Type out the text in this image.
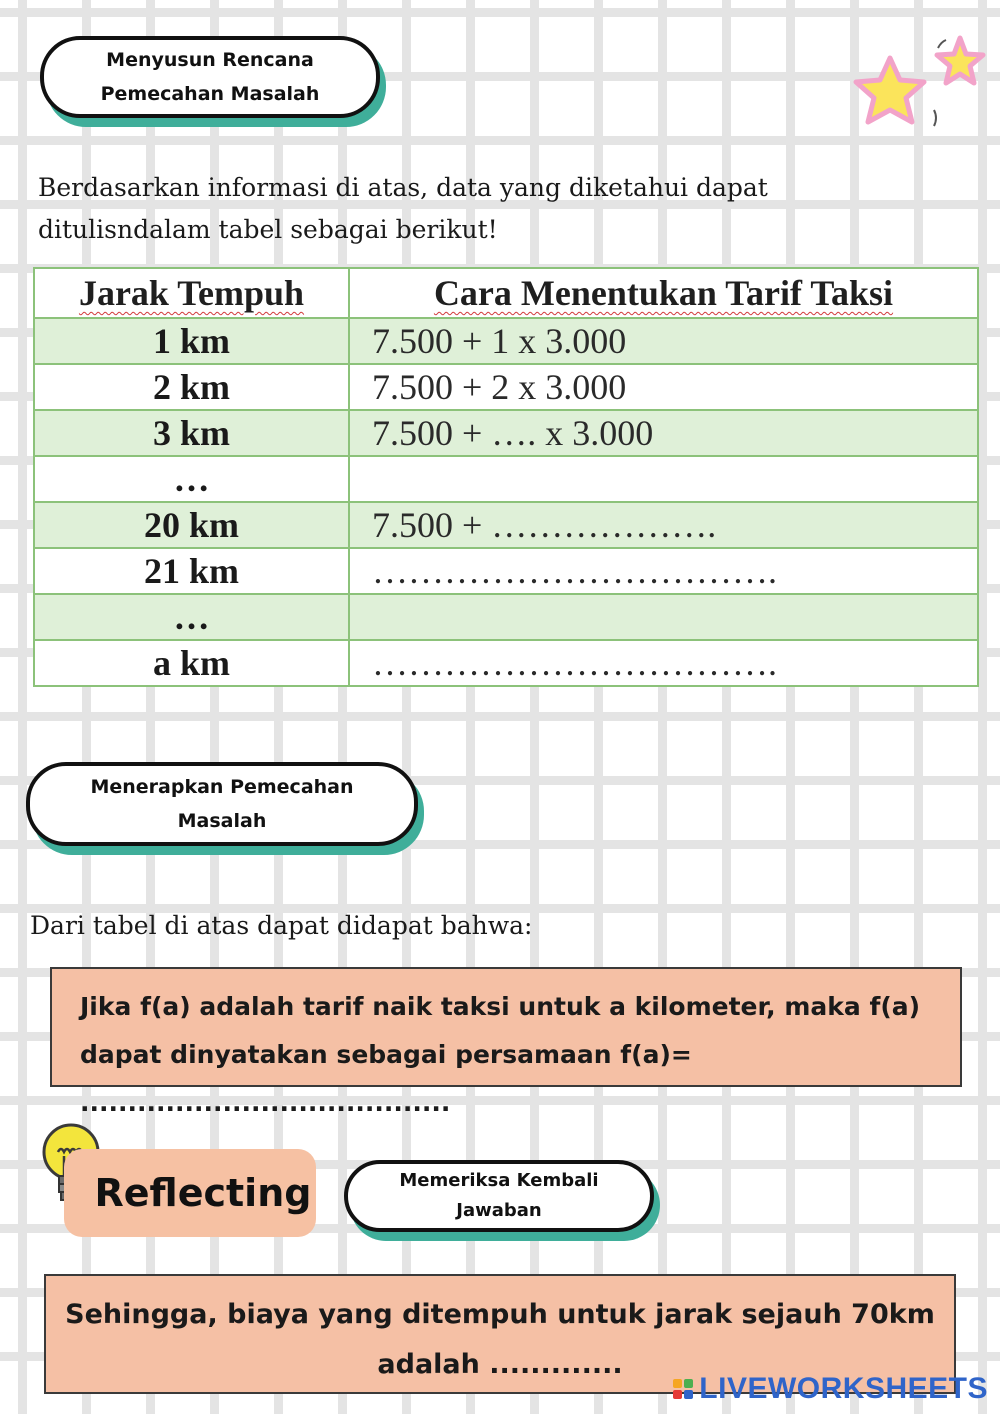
Menyusun Rencana
Pemecahan Masalah

Berdasarkan informasi di atas, data yang diketahui dapat

ditulisndalam tabel sebagai berikut!

Jarak Tempuh	Cara Menentukan Tarif Taksi
1 km	7.500 + 1 x 3.000
2 km	7.500 + 2 x 3.000
3 km	7.500 + …. x 3.000
…	
20 km	7.500 + ……………….
21 km	…………………………….
…	
a km	…………………………….
Menerapkan Pemecahan
Masalah

Dari tabel di atas dapat didapat bahwa:

Jika f(a) adalah tarif naik taksi untuk a kilometer, maka f(a)
dapat dinyatakan sebagai persamaan f(a)= .......................................
Reflecting	Memeriksa Kembali
Jawaban
Sehingga, biaya yang ditempuh untuk jarak sejauh 70km
adalah .............
LIVEWORKSHEETS
